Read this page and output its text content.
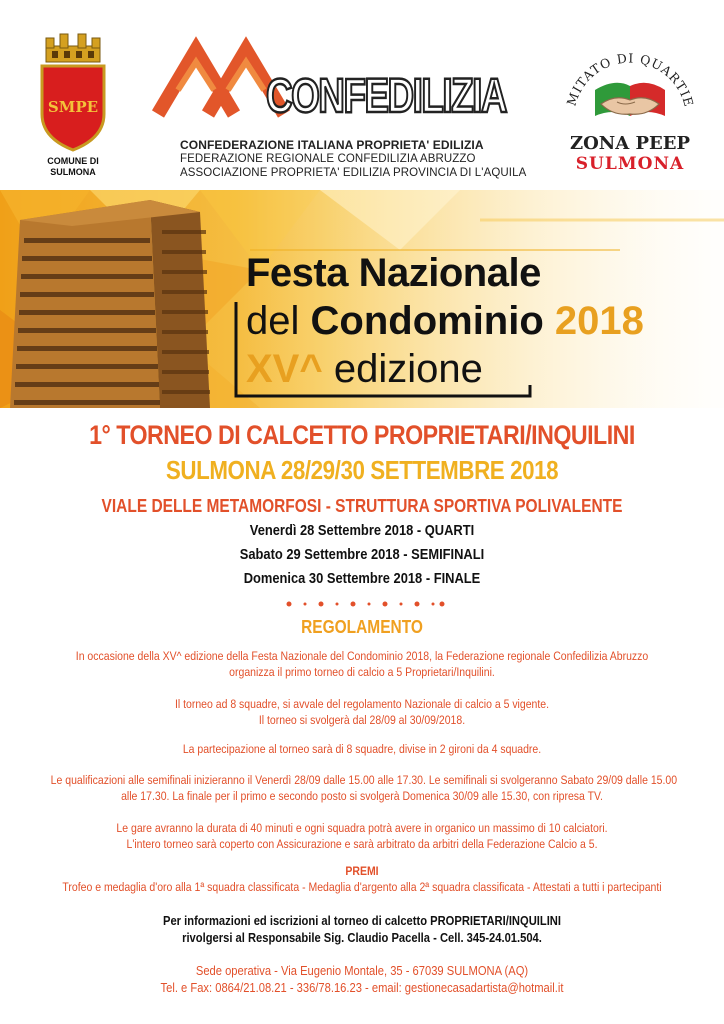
SMPE
COMUNE DI
SULMONA
CONFEDILIZIA
CONFEDERAZIONE ITALIANA PROPRIETA' EDILIZIA
FEDERAZIONE REGIONALE CONFEDILIZIA ABRUZZO
ASSOCIAZIONE PROPRIETA' EDILIZIA PROVINCIA DI L'AQUILA
MITATO DI QUARTIE
ZONA PEEP
SULMONA
Festa Nazionale
del Condominio 2018
XV^ edizione
1° TORNEO DI CALCETTO PROPRIETARI/INQUILINI
SULMONA 28/29/30 SETTEMBRE 2018
VIALE DELLE METAMORFOSI - STRUTTURA SPORTIVA POLIVALENTE
Venerdì 28 Settembre 2018 - QUARTI
Sabato 29 Settembre 2018 - SEMIFINALI
Domenica 30 Settembre 2018 - FINALE
REGOLAMENTO
In occasione della XV^ edizione della Festa Nazionale del Condominio 2018, la Federazione regionale Confedilizia Abruzzo
organizza il primo torneo di calcio a 5 Proprietari/Inquilini.
Il torneo ad 8 squadre, si avvale del regolamento Nazionale di calcio a 5 vigente.
Il torneo si svolgerà dal 28/09 al 30/09/2018.
La partecipazione al torneo sarà di 8 squadre, divise in 2 gironi da 4 squadre.
Le qualificazioni alle semifinali inizieranno il Venerdì 28/09 dalle 15.00 alle 17.30. Le semifinali si svolgeranno Sabato 29/09 dalle 15.00
alle 17.30. La finale per il primo e secondo posto si svolgerà Domenica 30/09 alle 15.30, con ripresa TV.
Le gare avranno la durata di 40 minuti e ogni squadra potrà avere in organico un massimo di 10 calciatori.
L'intero torneo sarà coperto con Assicurazione e sarà arbitrato da arbitri della Federazione Calcio a 5.
PREMI
Trofeo e medaglia d'oro alla 1ª squadra classificata - Medaglia d'argento alla 2ª squadra classificata - Attestati a tutti i partecipanti
Per informazioni ed iscrizioni al torneo di calcetto PROPRIETARI/INQUILINI
rivolgersi al Responsabile Sig. Claudio Pacella - Cell. 345-24.01.504.
Sede operativa - Via Eugenio Montale, 35 - 67039 SULMONA (AQ)
Tel. e Fax: 0864/21.08.21 - 336/78.16.23 - email: gestionecasadartista@hotmail.it
